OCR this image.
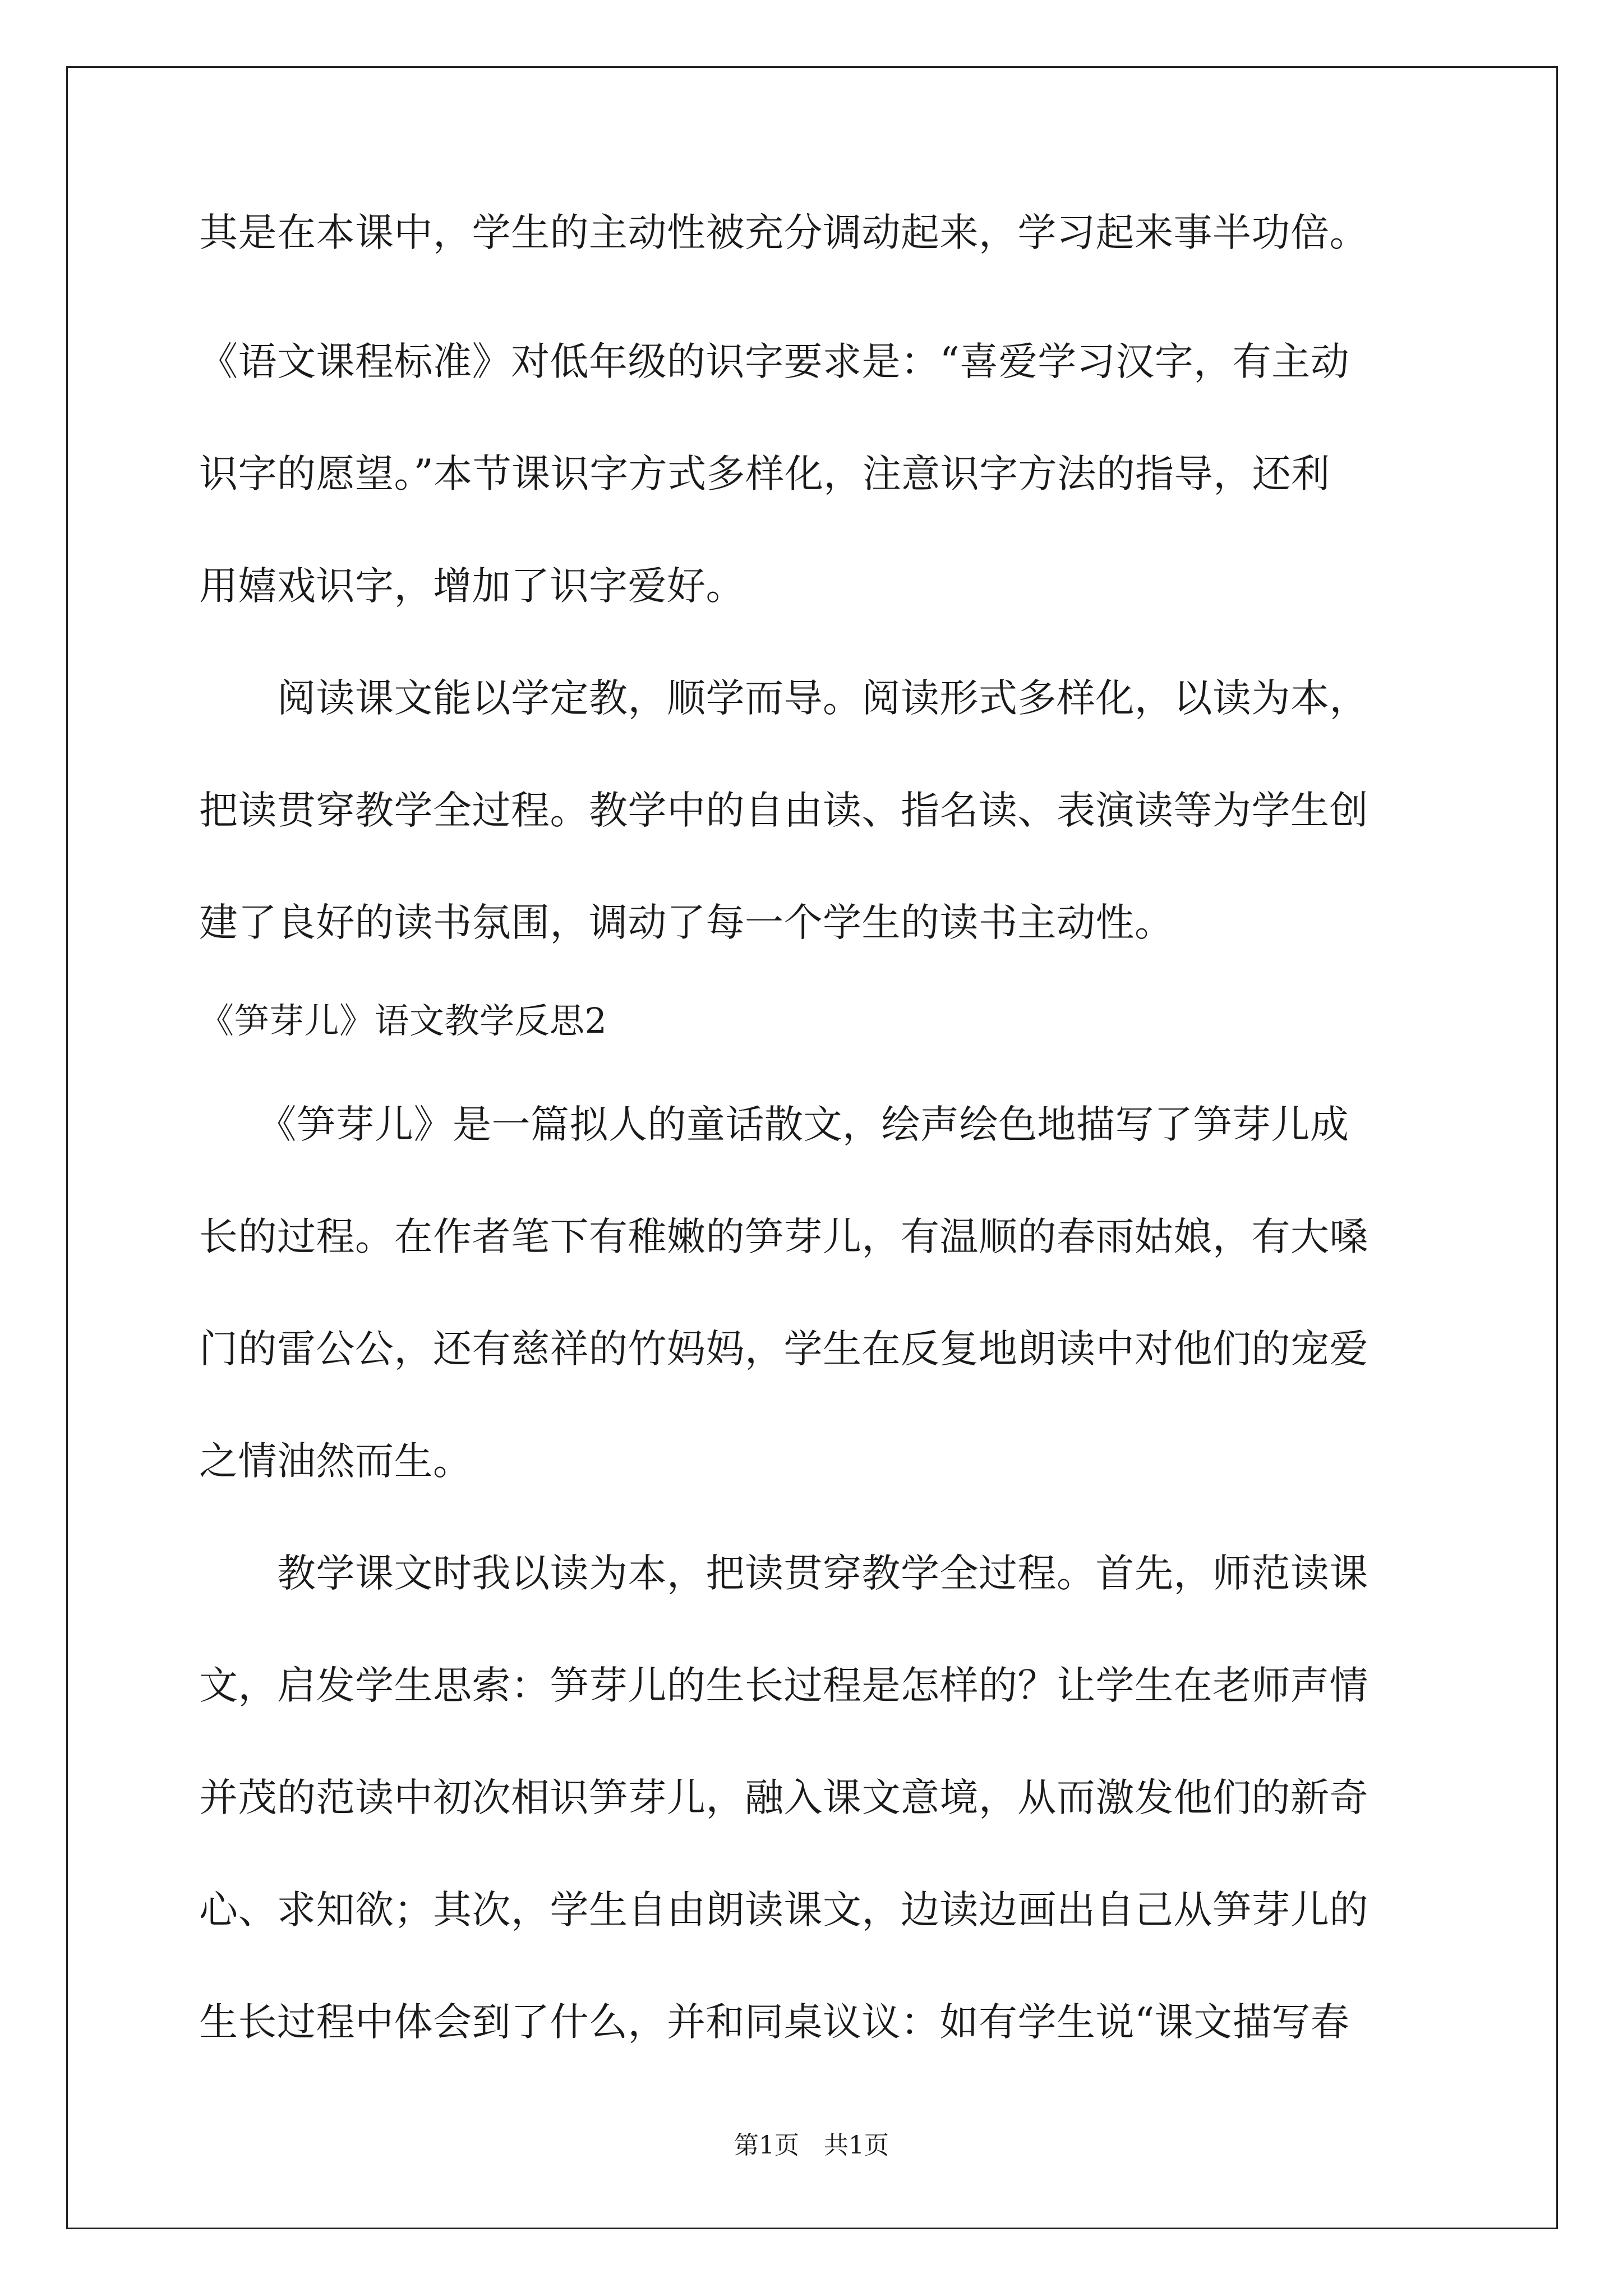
其是在本课中，学生的主动性被充分调动起来，学习起来事半功倍。
《语文课程标准》对低年级的识字要求是：“喜爱学习汉字，有主动
识字的愿望。”本节课识字方式多样化，注意识字方法的指导，还利
用嬉戏识字，增加了识字爱好。
　　阅读课文能以学定教，顺学而导。阅读形式多样化，以读为本，
把读贯穿教学全过程。教学中的自由读、指名读、表演读等为学生创
建了良好的读书氛围，调动了每一个学生的读书主动性。
《笋芽儿》语文教学反思2
　　《笋芽儿》是一篇拟人的童话散文，绘声绘色地描写了笋芽儿成
长的过程。在作者笔下有稚嫩的笋芽儿，有温顺的春雨姑娘，有大嗓
门的雷公公，还有慈祥的竹妈妈，学生在反复地朗读中对他们的宠爱
之情油然而生。
　　教学课文时我以读为本，把读贯穿教学全过程。首先，师范读课
文，启发学生思索：笋芽儿的生长过程是怎样的？让学生在老师声情
并茂的范读中初次相识笋芽儿，融入课文意境，从而激发他们的新奇
心、求知欲；其次，学生自由朗读课文，边读边画出自己从笋芽儿的
生长过程中体会到了什么，并和同桌议议：如有学生说“课文描写春
第1页　共1页
